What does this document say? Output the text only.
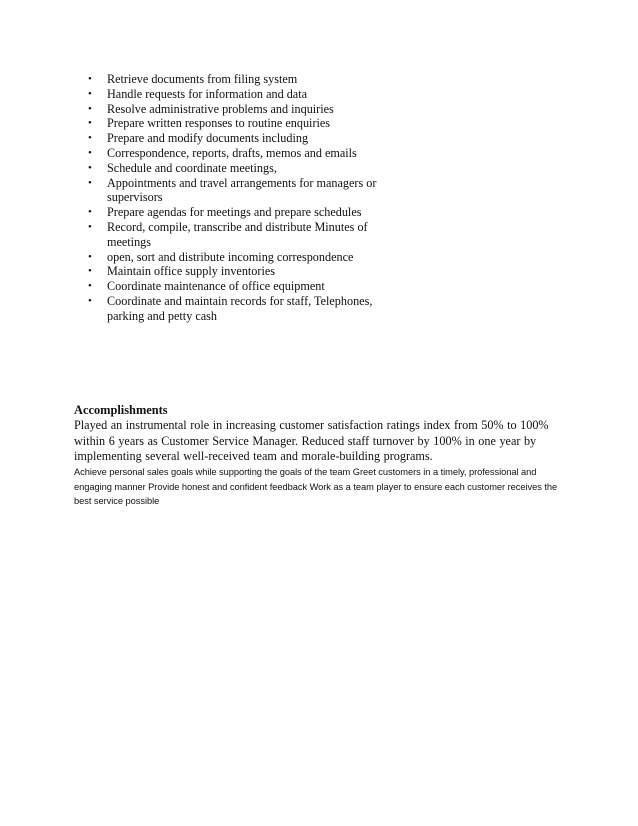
• Retrieve documents from filing system
• Handle requests for information and data
• Resolve administrative problems and inquiries
• Prepare written responses to routine enquiries
• Prepare and modify documents including
• Correspondence, reports, drafts, memos and emails
• Schedule and coordinate meetings,
• Appointments and travel arrangements for managers or supervisors
• Prepare agendas for meetings and prepare schedules
• Record, compile, transcribe and distribute Minutes of meetings
• open, sort and distribute incoming correspondence
• Maintain office supply inventories
• Coordinate maintenance of office equipment
• Coordinate and maintain records for staff, Telephones, parking and petty cash

Accomplishments

Played an instrumental role in increasing customer satisfaction ratings index from 50% to 100% within 6 years as Customer Service Manager. Reduced staff turnover by 100% in one year by implementing several well-received team and morale-building programs.

Achieve personal sales goals while supporting the goals of the team Greet customers in a timely, professional and engaging manner Provide honest and confident feedback Work as a team player to ensure each customer receives the best service possible
